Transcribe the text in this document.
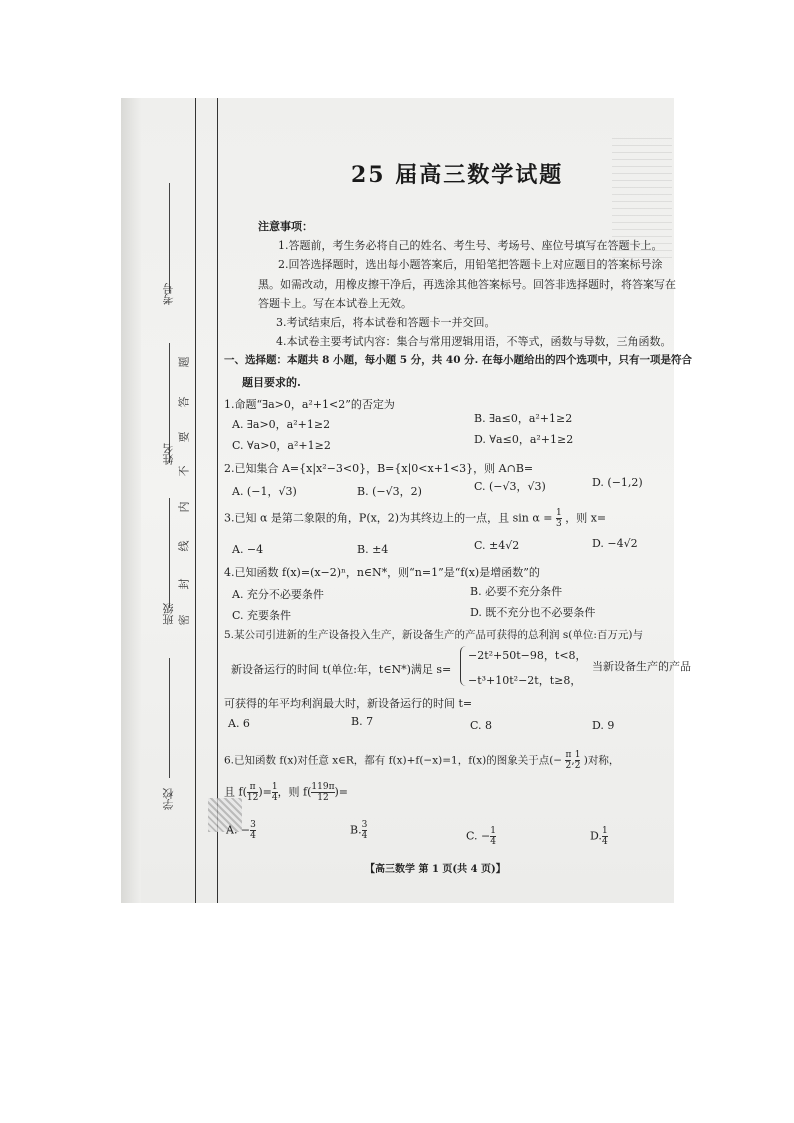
考号
姓名
班级
学校
题
答
要
不
内
线
封
密
25 届高三数学试题
注意事项：
1.答题前，考生务必将自己的姓名、考生号、考场号、座位号填写在答题卡上。
2.回答选择题时，选出每小题答案后，用铅笔把答题卡上对应题目的答案标号涂
黑。如需改动，用橡皮擦干净后，再选涂其他答案标号。回答非选择题时，将答案写在
答题卡上。写在本试卷上无效。
3.考试结束后，将本试卷和答题卡一并交回。
4.本试卷主要考试内容：集合与常用逻辑用语，不等式，函数与导数，三角函数。
一、选择题：本题共 8 小题，每小题 5 分，共 40 分. 在每小题给出的四个选项中，只有一项是符合
题目要求的.
1.命题“∃a>0，a²+1<2”的否定为
A. ∃a>0，a²+1≥2	B. ∃a≤0，a²+1≥2
C. ∀a>0，a²+1≥2	D. ∀a≤0，a²+1≥2
2.已知集合 A={x|x²−3<0}，B={x|0<x+1<3}，则 A∩B=
A. (−1，√3)	B. (−√3，2)	C. (−√3，√3)	D. (−1,2)
3.已知 α 是第二象限的角，P(x，2)为其终边上的一点，且 $\sin \alpha = \frac{1}{3}$ ，则 x=
A. −4	B. ±4	C. ±4√2	D. −4√2
4.已知函数 f(x)=(x−2)ⁿ，n∈N*，则“n=1”是“f(x)是增函数”的
A. 充分不必要条件	B. 必要不充分条件
C. 充要条件	D. 既不充分也不必要条件
5.某公司引进新的生产设备投入生产，新设备生产的产品可获得的总利润 s(单位:百万元)与
新设备运行的时间 t(单位:年，t∈N*)满足 s=
−2t²+50t−98，t<8，
−t³+10t²−2t，t≥8，
当新设备生产的产品
可获得的年平均利润最大时，新设备运行的时间 t=
A. 6	B. 7	C. 8	D. 9
6.已知函数 f(x)对任意 x∈R，都有 f(x)+f(−x)=1，f(x)的图象关于点(− $\frac{\pi}{2}$ , $\frac{1}{2}$ )对称，
且 $f( \frac{\pi}{12}$ )= $\frac{1}{4}$ ，则 $f( \frac{119\pi}{12}$ )=
A. − $\frac{3}{4}$	B. $\frac{3}{4}$	C. − $\frac{1}{4}$	D. $\frac{1}{4}$
【高三数学 第 1 页(共 4 页)】
